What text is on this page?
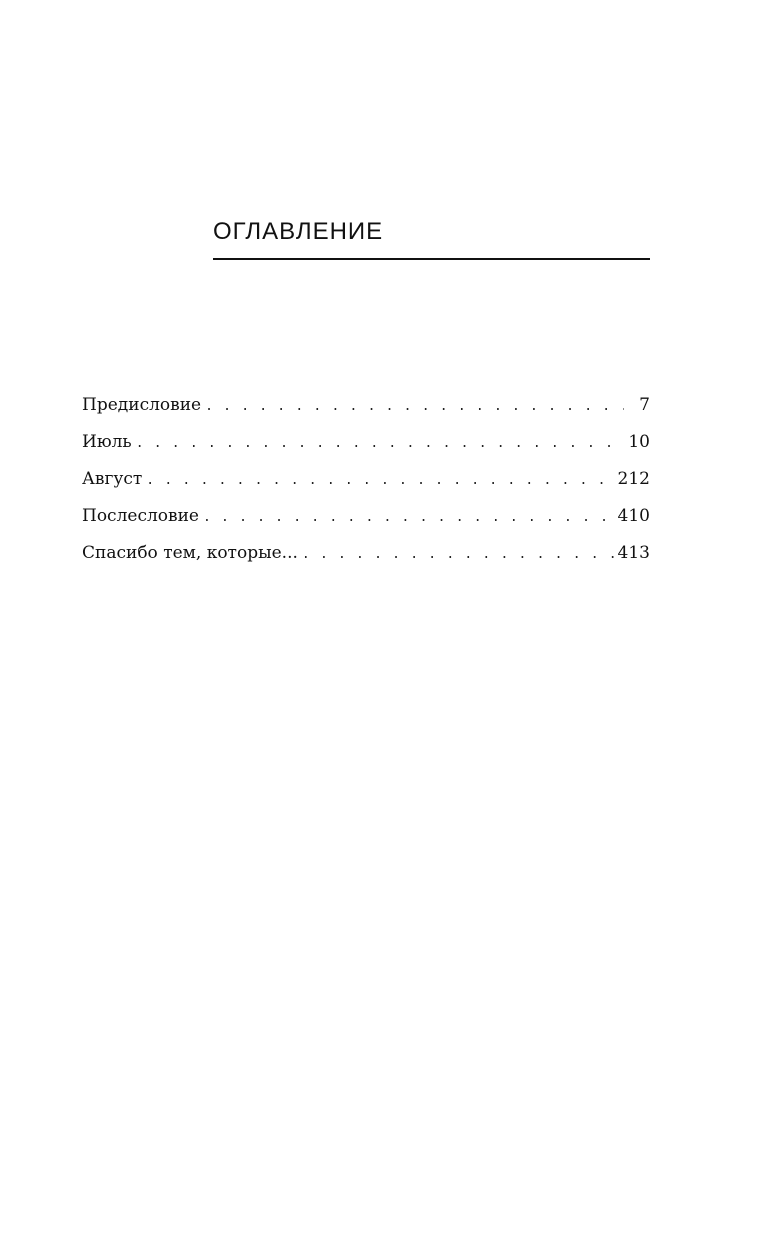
ОГЛАВЛЕНИЕ
Предисловие . . .	7
Июль . . .	10
Август . . .	212
Послесловие . . .	410
Спасибо тем, которые... . . .	413
